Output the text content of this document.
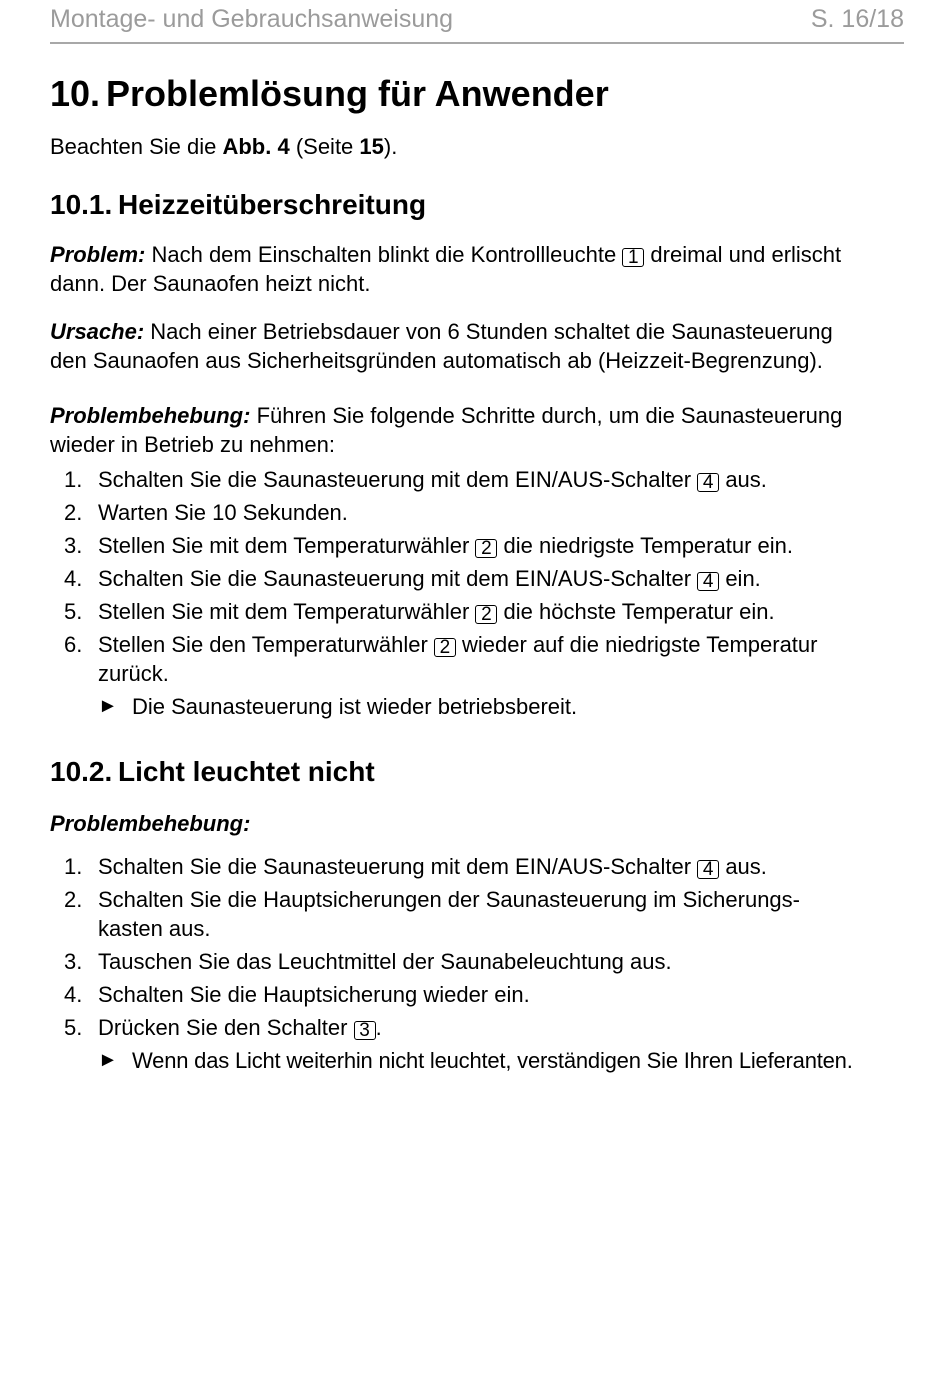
Montage- und Gebrauchsanweisung	S. 16/18
10. Problemlösung für Anwender
Beachten Sie die Abb. 4 (Seite 15).
10.1. Heizzeitüberschreitung
Problem: Nach dem Einschalten blinkt die Kontrollleuchte 1 dreimal und erlischt
dann. Der Saunaofen heizt nicht.
Ursache: Nach einer Betriebsdauer von 6 Stunden schaltet die Saunasteuerung
den Saunaofen aus Sicherheitsgründen automatisch ab (Heizzeit-Begrenzung).
Problembehebung: Führen Sie folgende Schritte durch, um die Saunasteuerung
wieder in Betrieb zu nehmen:
1. Schalten Sie die Saunasteuerung mit dem EIN/AUS-Schalter 4 aus.
2. Warten Sie 10 Sekunden.
3. Stellen Sie mit dem Temperaturwähler 2 die niedrigste Temperatur ein.
4. Schalten Sie die Saunasteuerung mit dem EIN/AUS-Schalter 4 ein.
5. Stellen Sie mit dem Temperaturwähler 2 die höchste Temperatur ein.
6. Stellen Sie den Temperaturwähler 2 wieder auf die niedrigste Temperatur
zurück.
► Die Saunasteuerung ist wieder betriebsbereit.
10.2. Licht leuchtet nicht
Problembehebung:
1. Schalten Sie die Saunasteuerung mit dem EIN/AUS-Schalter 4 aus.
2. Schalten Sie die Hauptsicherungen der Saunasteuerung im Sicherungs-
kasten aus.
3. Tauschen Sie das Leuchtmittel der Saunabeleuchtung aus.
4. Schalten Sie die Hauptsicherung wieder ein.
5. Drücken Sie den Schalter 3 .
► Wenn das Licht weiterhin nicht leuchtet, verständigen Sie Ihren Lieferanten.
